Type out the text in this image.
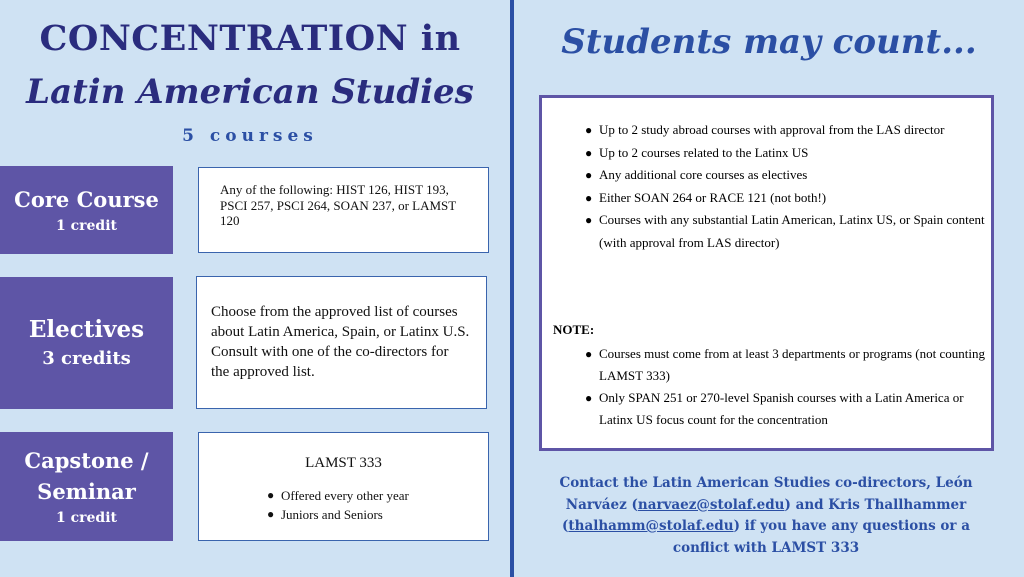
CONCENTRATION in
Latin American Studies
5 courses
Core Course
1 credit
Any of the following: HIST 126, HIST 193, PSCI 257, PSCI 264, SOAN 237, or LAMST 120
Electives
3 credits
Choose from the approved list of courses about Latin America, Spain, or Latinx U.S. Consult with one of the co-directors for the approved list.
Capstone /
Seminar
1 credit
LAMST 333
● Offered every other year
● Juniors and Seniors
Students may count...
● Up to 2 study abroad courses with approval from the LAS director
● Up to 2 courses related to the Latinx US
● Any additional core courses as electives
● Either SOAN 264 or RACE 121 (not both!)
● Courses with any substantial Latin American, Latinx US, or Spain content (with approval from LAS director)
NOTE:
● Courses must come from at least 3 departments or programs (not counting LAMST 333)
● Only SPAN 251 or 270-level Spanish courses with a Latin America or Latinx US focus count for the concentration
Contact the Latin American Studies co-directors, León Narváez (narvaez@stolaf.edu) and Kris Thallhammer (thalhamm@stolaf.edu) if you have any questions or a conflict with LAMST 333
